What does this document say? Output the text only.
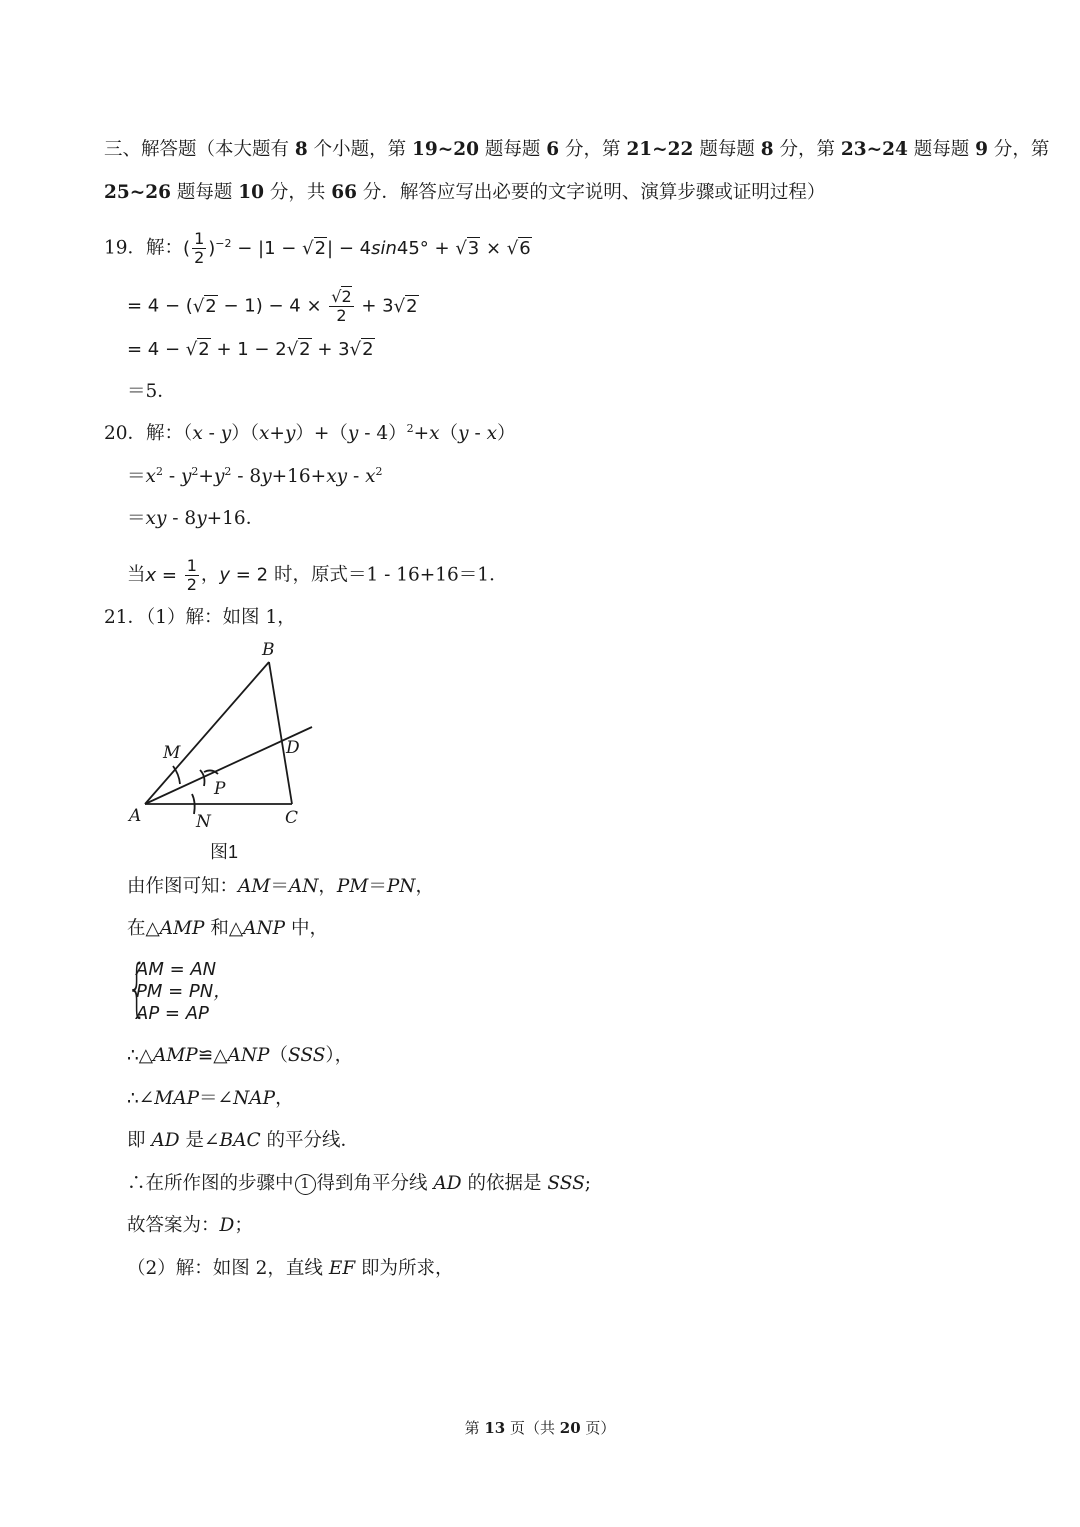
三、解答题（本大题有 8 个小题，第 19~20 题每题 6 分，第 21~22 题每题 8 分，第 23~24 题每题 9 分，第
25~26 题每题 10 分，共 66 分．解答应写出必要的文字说明、演算步骤或证明过程）
19．解：( $\frac{1}{2} )^{-2} - |1 - √2| - 4\sin 45^\circ + √3 \times √6$
= $4 - (√2 - 1) - 4 \times \frac{√2}{2} + 3√2$
= 4 − √2 + 1 − 2√2 + 3√2
＝5．
20．解：（x - y）（x+y）+（y - 4）$^2$+x（y - x）
$=x^2 - y^2+y^2 - 8y+16+xy - x^2$
＝xy - 8y+16．
当$x = \frac{1}{2}$ ，y = 2 时，原式＝1 - 16+16＝1．
21．（1）解：如图 1，
B
M	D
P
A	N	C
图1
由作图可知：AM＝AN，PM＝PN，
在△AMP 和△ANP 中，
{
AM = AN
PM = PN，
AP = AP
∴△AMP≌△ANP（SSS），
∴∠MAP＝∠NAP，
即 AD 是∠BAC 的平分线．
∴在所作图的步骤中 1 得到角平分线 AD 的依据是 SSS;
故答案为：D；
（2）解：如图 2，直线 EF 即为所求，
第 13 页（共 20 页）
